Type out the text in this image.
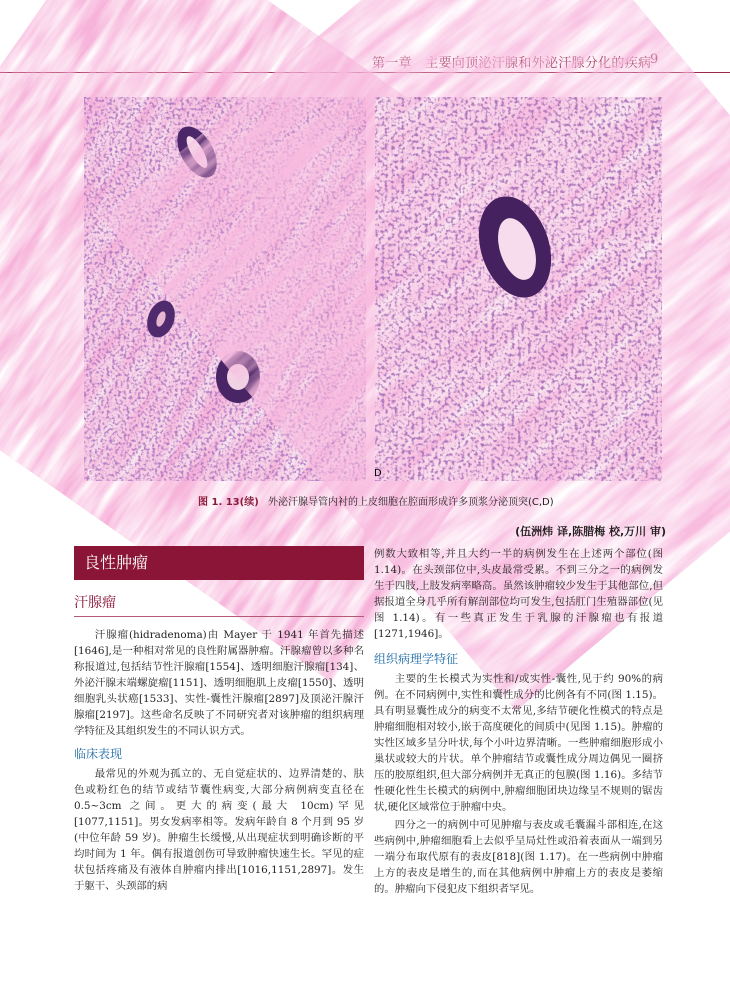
C	D
图 1. 13(续) 外泌汗腺导管内衬的上皮细胞在腔面形成许多顶浆分泌顶突(C,D)
(伍洲炜 译,陈腊梅 校,万川 审)
良性肿瘤
汗腺瘤

汗腺瘤(hidradenoma)由 Mayer 于 1941 年首先描述[1646],是一种相对常见的良性附属器肿瘤。汗腺瘤曾以多种名称报道过,包括结节性汗腺瘤[1554]、透明细胞汗腺瘤[134]、外泌汗腺末端螺旋瘤[1151]、透明细胞肌上皮瘤[1550]、透明细胞乳头状癌[1533]、实性-囊性汗腺瘤[2897]及顶泌汗腺汗腺瘤[2197]。这些命名反映了不同研究者对该肿瘤的组织病理学特征及其组织发生的不同认识方式。

临床表现

最常见的外观为孤立的、无自觉症状的、边界清楚的、肤色或粉红色的结节或结节囊性病变,大部分病例病变直径在 0.5~3cm 之间。更大的病变(最大 10cm)罕见[1077,1151]。男女发病率相等。发病年龄自 8 个月到 95 岁(中位年龄 59 岁)。肿瘤生长缓慢,从出现症状到明确诊断的平均时间为 1 年。偶有报道创伤可导致肿瘤快速生长。罕见的症状包括疼痛及有液体自肿瘤内排出[1016,1151,2897]。发生于躯干、头颈部的病

例数大致相等,并且大约一半的病例发生在上述两个部位(图 1.14)。在头颈部位中,头皮最常受累。不到三分之一的病例发生于四肢,上肢发病率略高。虽然该肿瘤较少发生于其他部位,但据报道全身几乎所有解剖部位均可发生,包括肛门生殖器部位(见图 1.14)。有一些真正发生于乳腺的汗腺瘤也有报道[1271,1946]。

组织病理学特征

主要的生长模式为实性和/或实性-囊性,见于约 90%的病例。在不同病例中,实性和囊性成分的比例各有不同(图 1.15)。具有明显囊性成分的病变不太常见,多结节硬化性模式的特点是肿瘤细胞相对较小,嵌于高度硬化的间质中(见图 1.15)。肿瘤的实性区域多呈分叶状,每个小叶边界清晰。一些肿瘤细胞形成小巢状或较大的片状。单个肿瘤结节或囊性成分周边偶见一圈挤压的胶原组织,但大部分病例并无真正的包膜(图 1.16)。多结节性硬化性生长模式的病例中,肿瘤细胞团块边缘呈不规则的锯齿状,硬化区域常位于肿瘤中央。

四分之一的病例中可见肿瘤与表皮或毛囊漏斗部相连,在这些病例中,肿瘤细胞看上去似乎呈局灶性或沿着表面从一端到另一端分布取代原有的表皮[818](图 1.17)。在一些病例中肿瘤上方的表皮是增生的,而在其他病例中肿瘤上方的表皮是萎缩的。肿瘤向下侵犯皮下组织者罕见。
